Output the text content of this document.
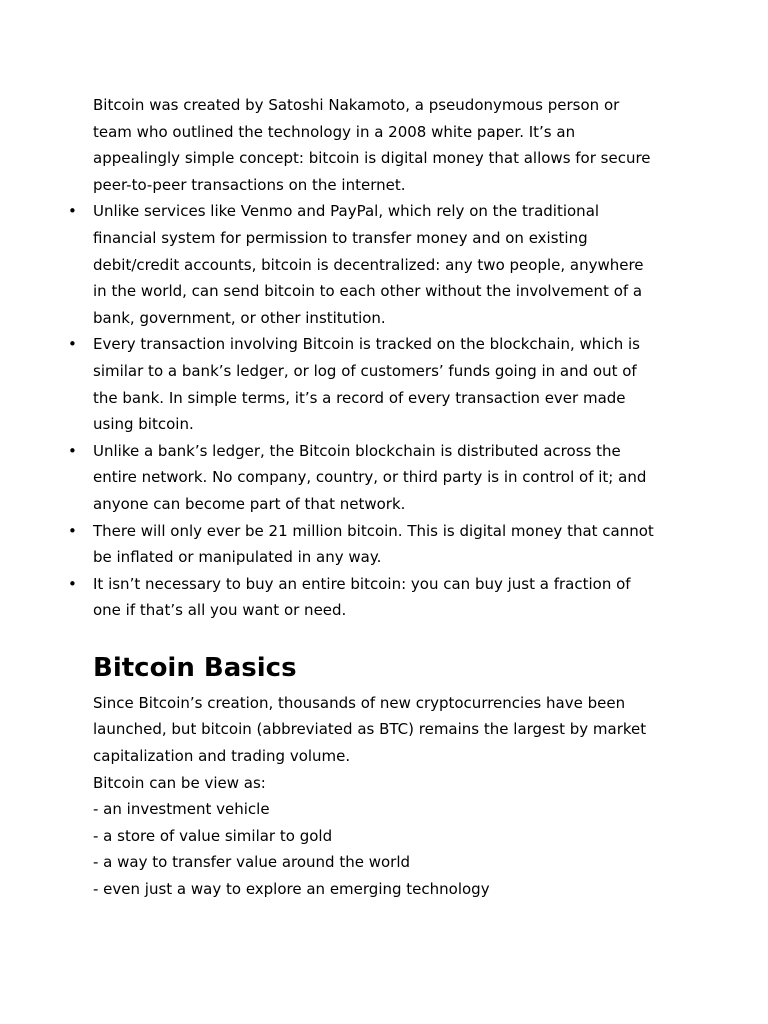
Bitcoin was created by Satoshi Nakamoto, a pseudonymous person or
team who outlined the technology in a 2008 white paper. It’s an
appealingly simple concept: bitcoin is digital money that allows for secure
peer-to-peer transactions on the internet.
• Unlike services like Venmo and PayPal, which rely on the traditional
financial system for permission to transfer money and on existing
debit/credit accounts, bitcoin is decentralized: any two people, anywhere
in the world, can send bitcoin to each other without the involvement of a
bank, government, or other institution.
• Every transaction involving Bitcoin is tracked on the blockchain, which is
similar to a bank’s ledger, or log of customers’ funds going in and out of
the bank. In simple terms, it’s a record of every transaction ever made
using bitcoin.
• Unlike a bank’s ledger, the Bitcoin blockchain is distributed across the
entire network. No company, country, or third party is in control of it; and
anyone can become part of that network.
• There will only ever be 21 million bitcoin. This is digital money that cannot
be inflated or manipulated in any way.
• It isn’t necessary to buy an entire bitcoin: you can buy just a fraction of
one if that’s all you want or need.
Bitcoin Basics
Since Bitcoin’s creation, thousands of new cryptocurrencies have been
launched, but bitcoin (abbreviated as BTC) remains the largest by market
capitalization and trading volume.
Bitcoin can be view as:
- an investment vehicle
- a store of value similar to gold
- a way to transfer value around the world
- even just a way to explore an emerging technology
